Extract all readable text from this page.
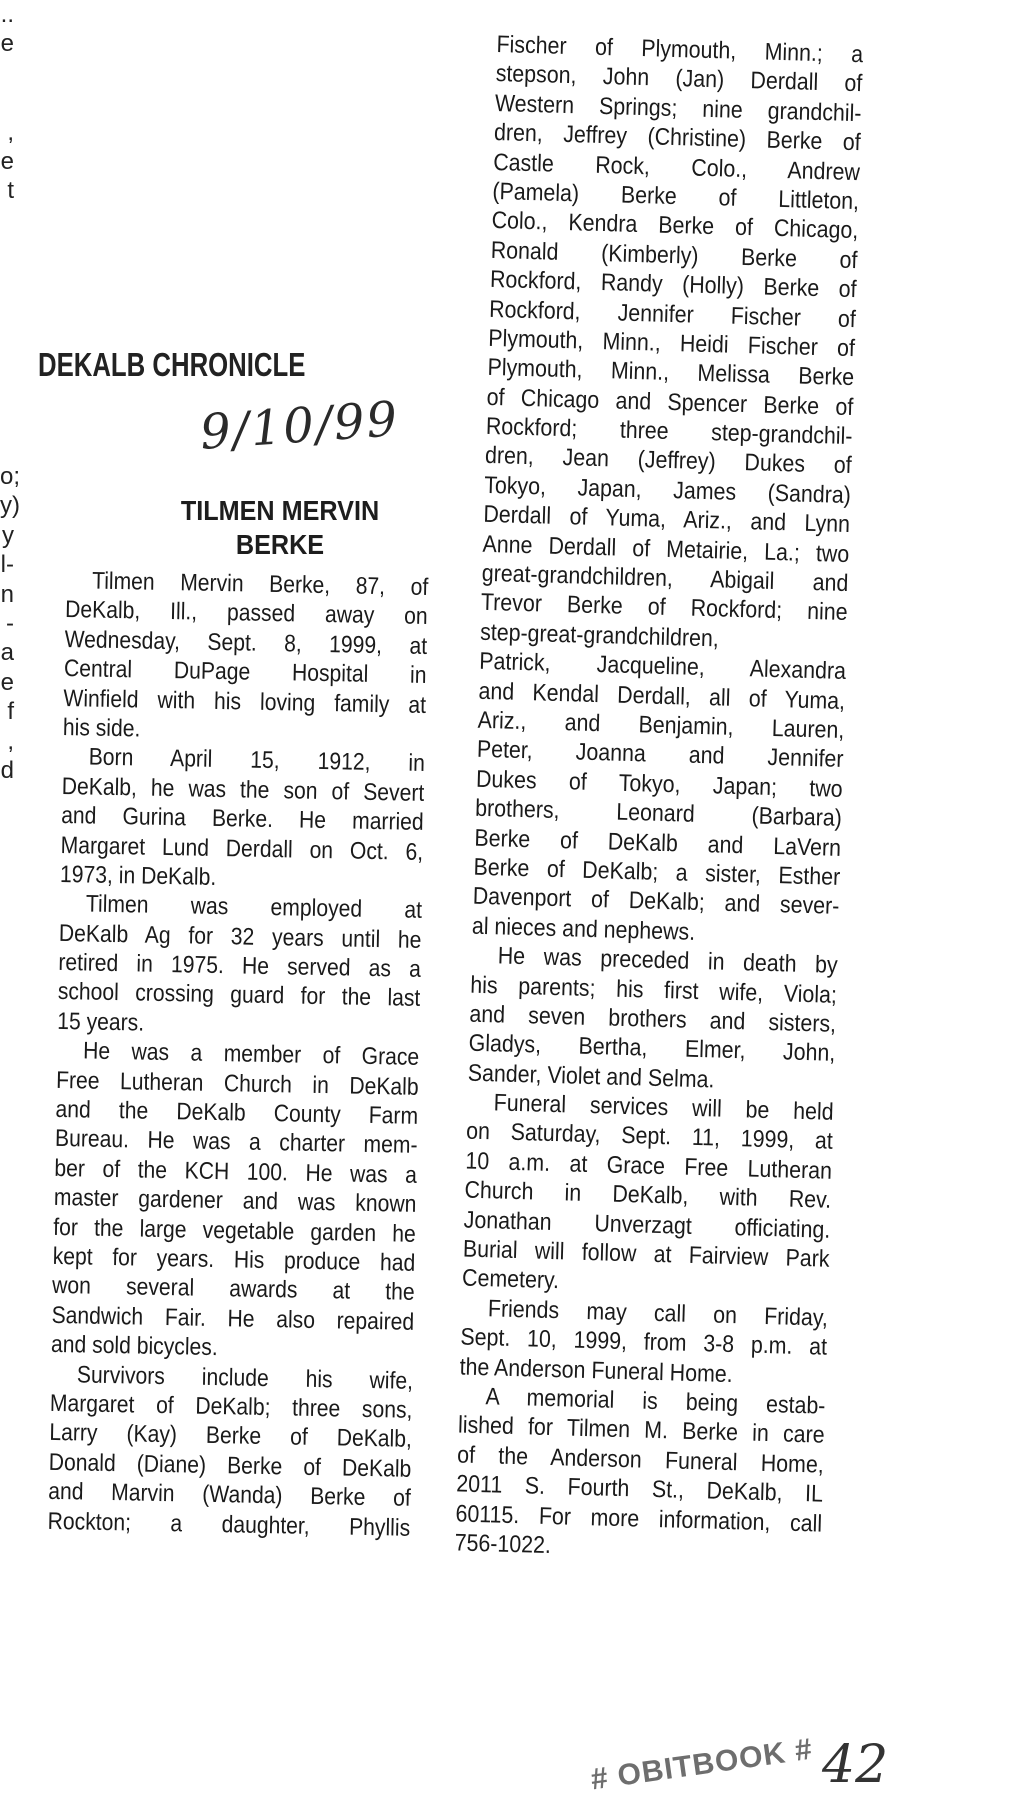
..
e
,
e
t
o;
y)
y
l-
n
-
a
e
f
,
d
DEKALB CHRONICLE
9/10/99
TILMEN MERVIN
BERKE
Tilmen Mervin Berke, 87, of
DeKalb, Ill., passed away on
Wednesday, Sept. 8, 1999, at
Central DuPage Hospital in
Winfield with his loving family at
his side.
Born April 15, 1912, in
DeKalb, he was the son of Severt
and Gurina Berke. He married
Margaret Lund Derdall on Oct. 6,
1973, in DeKalb.
Tilmen was employed at
DeKalb Ag for 32 years until he
retired in 1975. He served as a
school crossing guard for the last
15 years.
He was a member of Grace
Free Lutheran Church in DeKalb
and the DeKalb County Farm
Bureau. He was a charter mem-
ber of the KCH 100. He was a
master gardener and was known
for the large vegetable garden he
kept for years. His produce had
won several awards at the
Sandwich Fair. He also repaired
and sold bicycles.
Survivors include his wife,
Margaret of DeKalb; three sons,
Larry (Kay) Berke of DeKalb,
Donald (Diane) Berke of DeKalb
and Marvin (Wanda) Berke of
Rockton; a daughter, Phyllis
Fischer of Plymouth, Minn.; a
stepson, John (Jan) Derdall of
Western Springs; nine grandchil-
dren, Jeffrey (Christine) Berke of
Castle Rock, Colo., Andrew
(Pamela) Berke of Littleton,
Colo., Kendra Berke of Chicago,
Ronald (Kimberly) Berke of
Rockford, Randy (Holly) Berke of
Rockford, Jennifer Fischer of
Plymouth, Minn., Heidi Fischer of
Plymouth, Minn., Melissa Berke
of Chicago and Spencer Berke of
Rockford; three step-grandchil-
dren, Jean (Jeffrey) Dukes of
Tokyo, Japan, James (Sandra)
Derdall of Yuma, Ariz., and Lynn
Anne Derdall of Metairie, La.; two
great-grandchildren, Abigail and
Trevor Berke of Rockford; nine
step-great-grandchildren,
Patrick, Jacqueline, Alexandra
and Kendal Derdall, all of Yuma,
Ariz., and Benjamin, Lauren,
Peter, Joanna and Jennifer
Dukes of Tokyo, Japan; two
brothers, Leonard (Barbara)
Berke of DeKalb and LaVern
Berke of DeKalb; a sister, Esther
Davenport of DeKalb; and sever-
al nieces and nephews.
He was preceded in death by
his parents; his first wife, Viola;
and seven brothers and sisters,
Gladys, Bertha, Elmer, John,
Sander, Violet and Selma.
Funeral services will be held
on Saturday, Sept. 11, 1999, at
10 a.m. at Grace Free Lutheran
Church in DeKalb, with Rev.
Jonathan Unverzagt officiating.
Burial will follow at Fairview Park
Cemetery.
Friends may call on Friday,
Sept. 10, 1999, from 3-8 p.m. at
the Anderson Funeral Home.
A memorial is being estab-
lished for Tilmen M. Berke in care
of the Anderson Funeral Home,
2011 S. Fourth St., DeKalb, IL
60115. For more information, call
756-1022.
# OBITBOOK # 42
